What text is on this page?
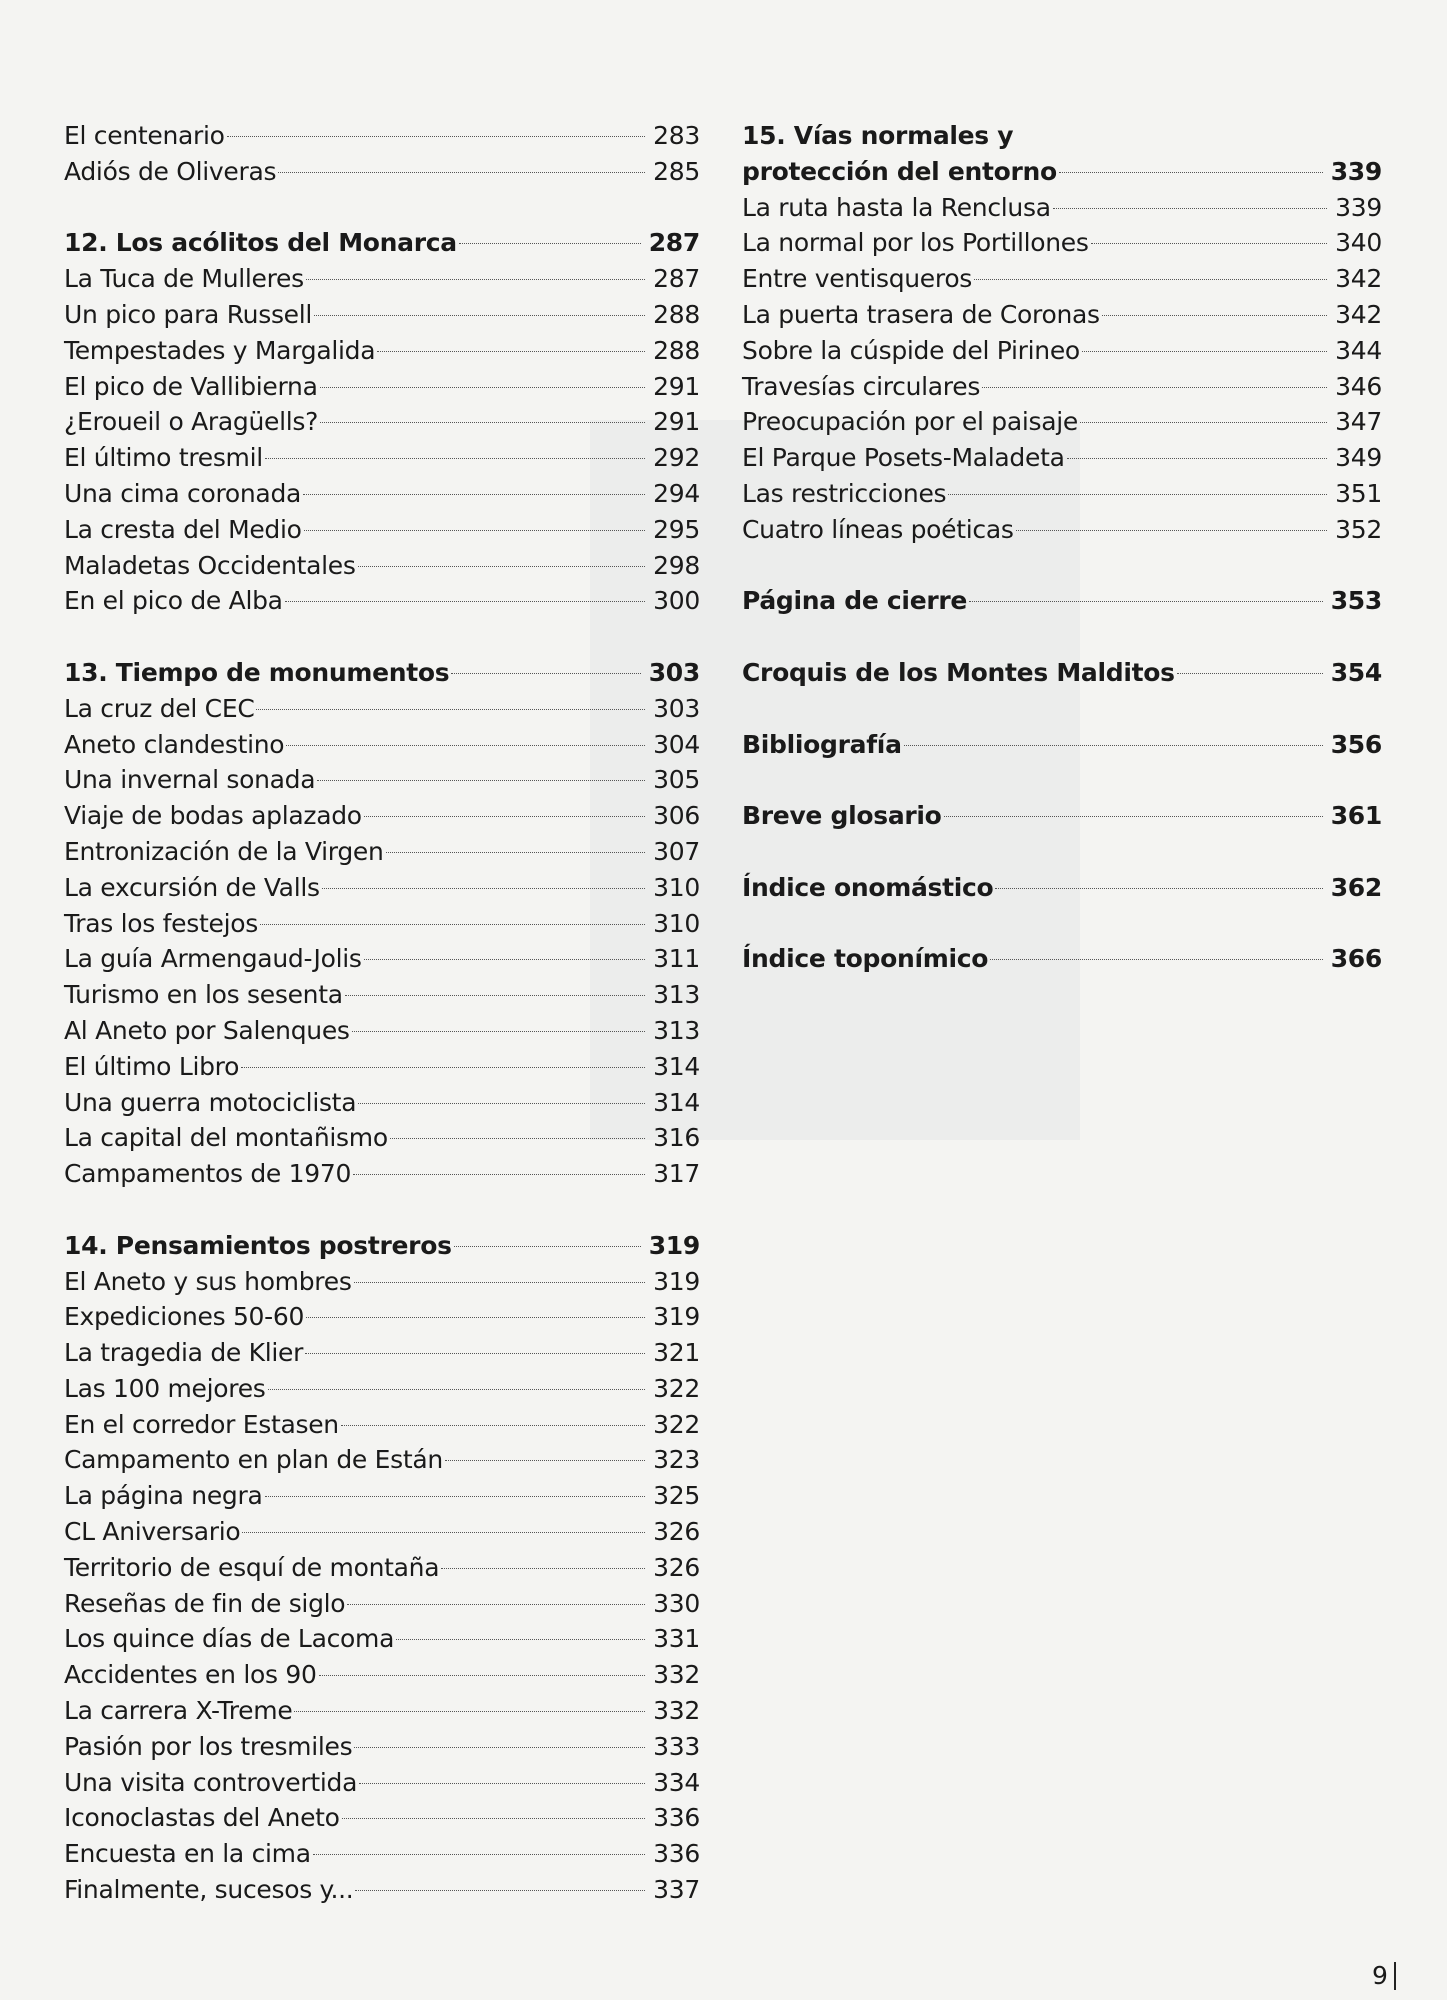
El centenario	283
Adiós de Oliveras	285
12. Los acólitos del Monarca	287
La Tuca de Mulleres	287
Un pico para Russell	288
Tempestades y Margalida	288
El pico de Vallibierna	291
¿Eroueil o Aragüells?	291
El último tresmil	292
Una cima coronada	294
La cresta del Medio	295
Maladetas Occidentales	298
En el pico de Alba	300
13. Tiempo de monumentos	303
La cruz del CEC	303
Aneto clandestino	304
Una invernal sonada	305
Viaje de bodas aplazado	306
Entronización de la Virgen	307
La excursión de Valls	310
Tras los festejos	310
La guía Armengaud-Jolis	311
Turismo en los sesenta	313
Al Aneto por Salenques	313
El último Libro	314
Una guerra motociclista	314
La capital del montañismo	316
Campamentos de 1970	317
14. Pensamientos postreros	319
El Aneto y sus hombres	319
Expediciones 50-60	319
La tragedia de Klier	321
Las 100 mejores	322
En el corredor Estasen	322
Campamento en plan de Están	323
La página negra	325
CL Aniversario	326
Territorio de esquí de montaña	326
Reseñas de fin de siglo	330
Los quince días de Lacoma	331
Accidentes en los 90	332
La carrera X-Treme	332
Pasión por los tresmiles	333
Una visita controvertida	334
Iconoclastas del Aneto	336
Encuesta en la cima	336
Finalmente, sucesos y...	337
15. Vías normales y
protección del entorno	339
La ruta hasta la Renclusa	339
La normal por los Portillones	340
Entre ventisqueros	342
La puerta trasera de Coronas	342
Sobre la cúspide del Pirineo	344
Travesías circulares	346
Preocupación por el paisaje	347
El Parque Posets-Maladeta	349
Las restricciones	351
Cuatro líneas poéticas	352
Página de cierre	353
Croquis de los Montes Malditos	354
Bibliografía	356
Breve glosario	361
Índice onomástico	362
Índice toponímico	366
9
